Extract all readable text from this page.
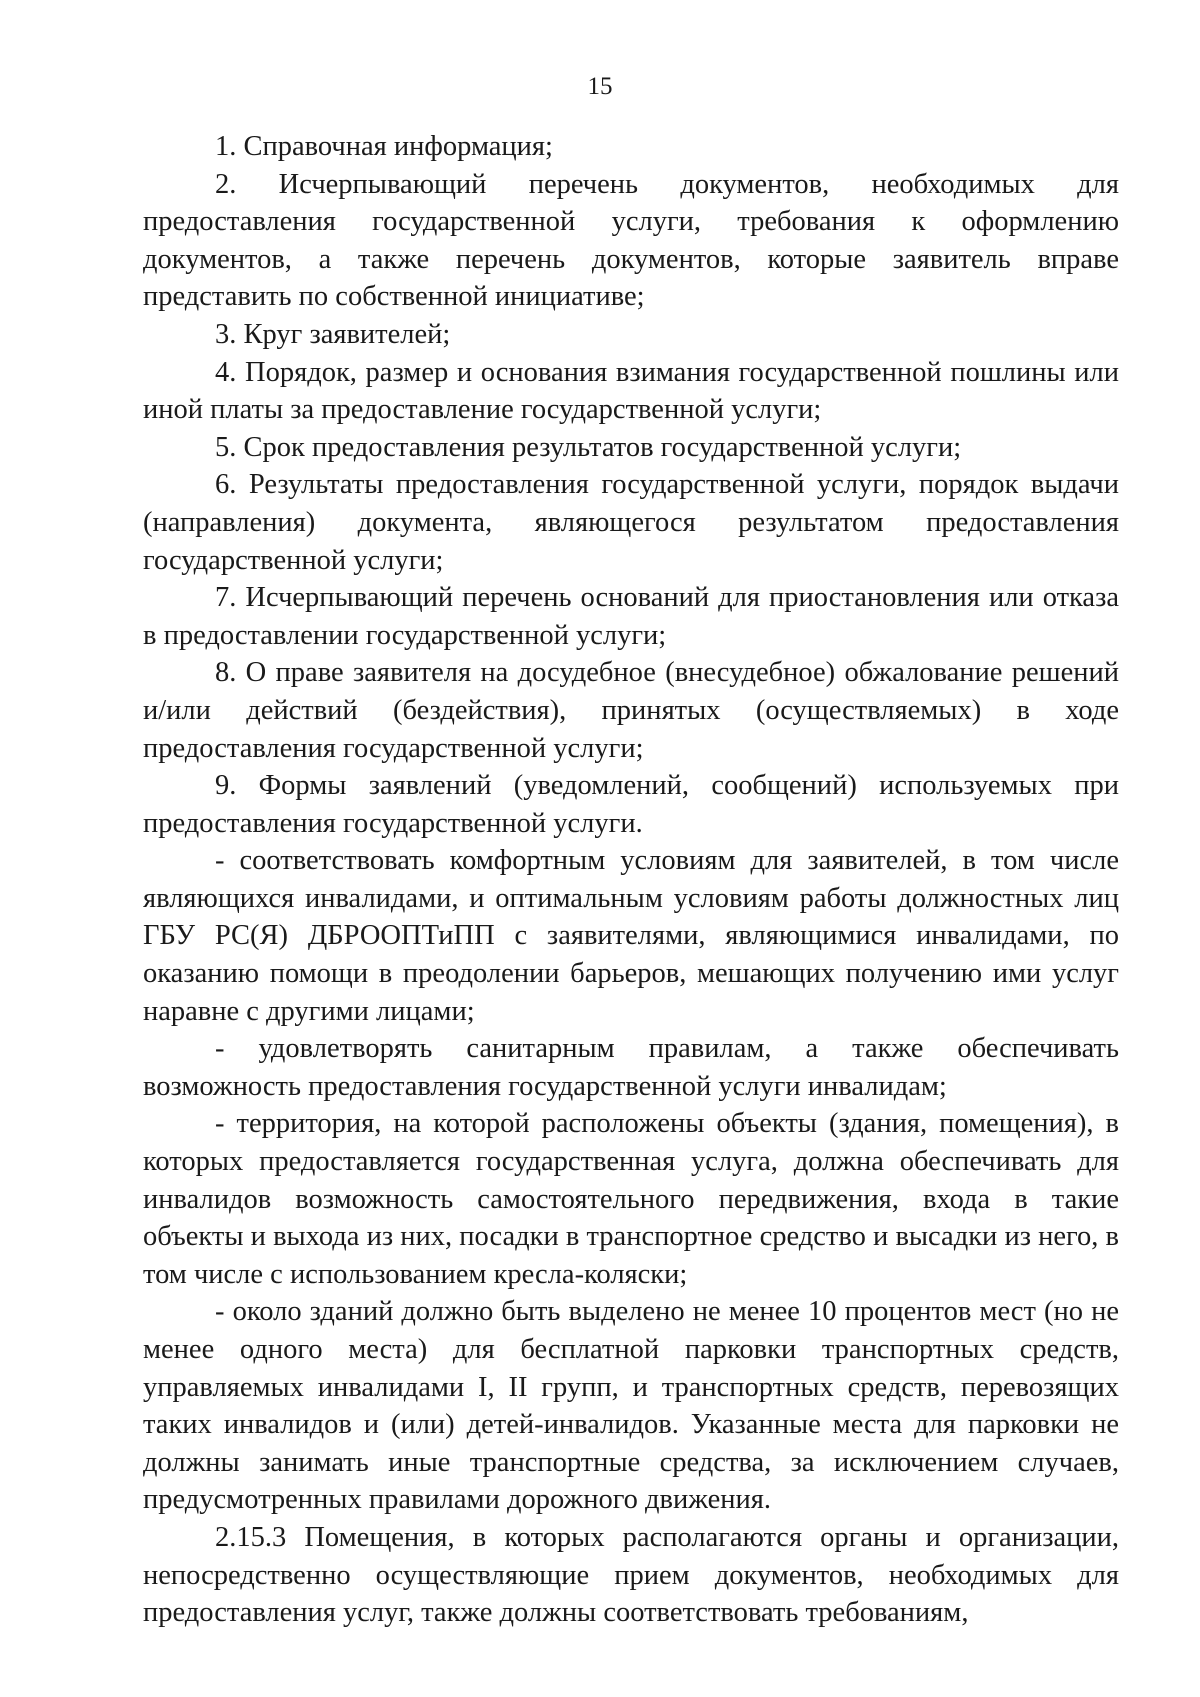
15

1. Справочная информация;

2. Исчерпывающий перечень документов, необходимых для предоставления государственной услуги, требования к оформлению документов, а также перечень документов, которые заявитель вправе представить по собственной инициативе;

3. Круг заявителей;

4. Порядок, размер и основания взимания государственной пошлины или иной платы за предоставление государственной услуги;

5. Срок предоставления результатов государственной услуги;

6. Результаты предоставления государственной услуги, порядок выдачи (направления) документа, являющегося результатом предоставления государственной услуги;

7. Исчерпывающий перечень оснований для приостановления или отказа в предоставлении государственной услуги;

8. О праве заявителя на досудебное (внесудебное) обжалование решений и/или действий (бездействия), принятых (осуществляемых) в ходе предоставления государственной услуги;

9. Формы заявлений (уведомлений, сообщений) используемых при предоставления государственной услуги.

- соответствовать комфортным условиям для заявителей, в том числе являющихся инвалидами, и оптимальным условиям работы должностных лиц ГБУ РС(Я) ДБРООПТиПП с заявителями, являющимися инвалидами, по оказанию помощи в преодолении барьеров, мешающих получению ими услуг наравне с другими лицами;

- удовлетворять санитарным правилам, а также обеспечивать возможность предоставления государственной услуги инвалидам;

- территория, на которой расположены объекты (здания, помещения), в которых предоставляется государственная услуга, должна обеспечивать для инвалидов возможность самостоятельного передвижения, входа в такие объекты и выхода из них, посадки в транспортное средство и высадки из него, в том числе с использованием кресла-коляски;

- около зданий должно быть выделено не менее 10 процентов мест (но не менее одного места) для бесплатной парковки транспортных средств, управляемых инвалидами I, II групп, и транспортных средств, перевозящих таких инвалидов и (или) детей-инвалидов. Указанные места для парковки не должны занимать иные транспортные средства, за исключением случаев, предусмотренных правилами дорожного движения.

2.15.3 Помещения, в которых располагаются органы и организации, непосредственно осуществляющие прием документов, необходимых для предоставления услуг, также должны соответствовать требованиям,
